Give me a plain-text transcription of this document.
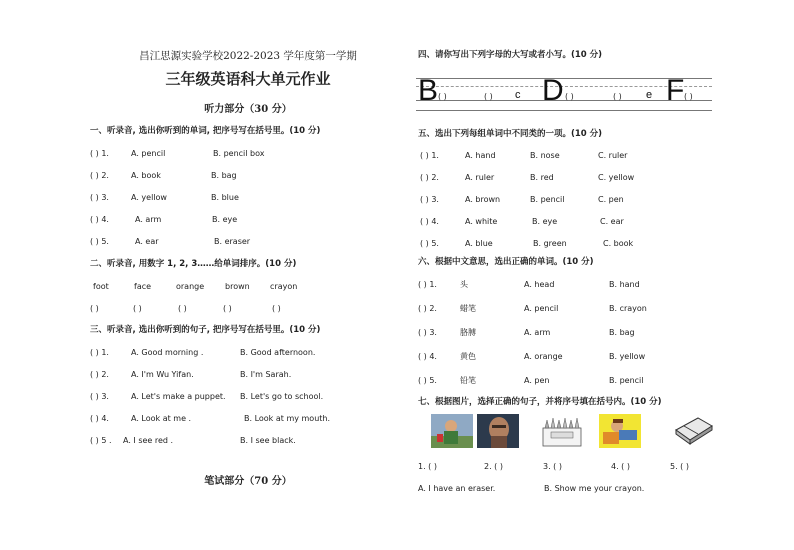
昌江思源实验学校2022-2023 学年度第一学期
三年级英语科大单元作业
听力部分（30 分）
一、听录音, 选出你听到的单词, 把序号写在括号里。(10 分)
( ) 1.	A. pencil	B. pencil box
( ) 2.	A. book	B. bag
( ) 3.	A. yellow	B. blue
( ) 4.	A. arm	B. eye
( ) 5.	A. ear	B. eraser
二、听录音, 用数字 1, 2, 3……给单词排序。(10 分)
foot	face	orange	brown	crayon
( )	( )	( )	( )	( )
三、听录音, 选出你听到的句子, 把序号写在括号里。(10 分)
( ) 1.	A. Good morning .	B. Good afternoon.
( ) 2.	A. I'm Wu Yifan.	B. I'm Sarah.
( ) 3.	A. Let's make a puppet. B. Let's go to school.
( ) 4.	A. Look at me .	B. Look at my mouth.
( ) 5 . A. I see red .	B. I see black.
笔试部分（70 分）
四、请你写出下列字母的大写或者小写。(10 分)
B ( )	( ) c D ( )	( ) e F ( )
五、选出下列每组单词中不同类的一项。(10 分)
( ) 1.	A. hand	B. nose	C. ruler
( ) 2.	A. ruler	B. red	C. yellow
( ) 3.	A. brown	B. pencil	C. pen
( ) 4.	A. white	B. eye	C. ear
( ) 5.	A. blue	B. green	C. book
六、根据中文意思，选出正确的单词。(10 分)
( ) 1.	头	A. head	B. hand
( ) 2.	蜡笔	A. pencil	B. crayon
( ) 3.	胳膊	A. arm	B. bag
( ) 4.	黄色	A. orange	B. yellow
( ) 5.	铅笔	A. pen	B. pencil
七、根据图片，选择正确的句子，并将序号填在括号内。(10 分)
1. ( )	2. ( )	3. ( )	4. ( )	5. ( )
A. I have an eraser.	B. Show me your crayon.
